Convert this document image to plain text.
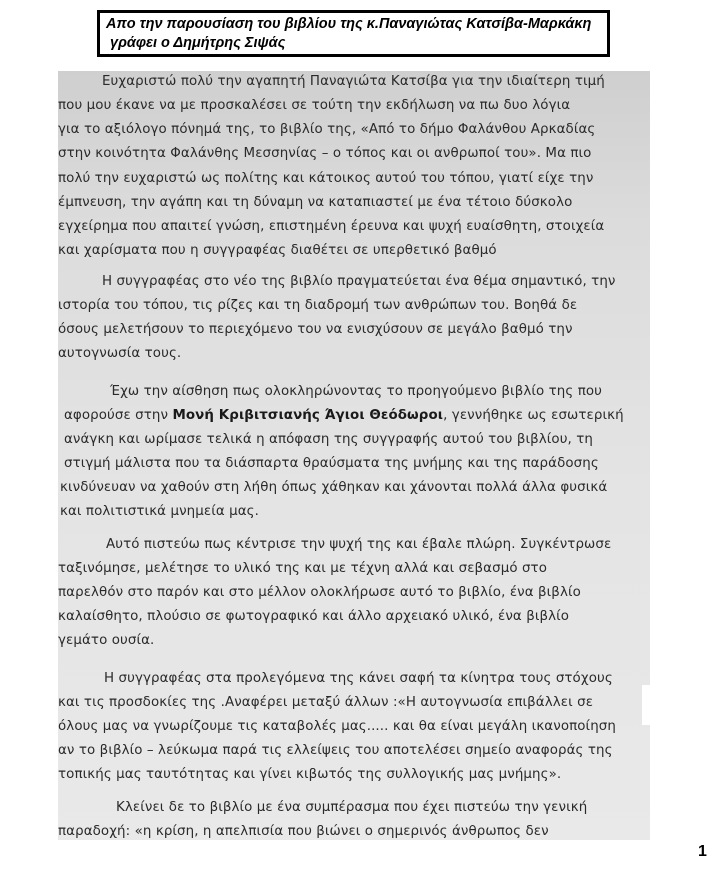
Απο την παρουσίαση του βιβλίου της κ.Παναγιώτας Κατσίβα-Μαρκάκη
γράφει ο Δημήτρης Σιψάς
Ευχαριστώ πολύ την αγαπητή Παναγιώτα Κατσίβα για την ιδιαίτερη τιμή
που μου έκανε να με προσκαλέσει σε τούτη την εκδήλωση να πω δυο λόγια
για το αξιόλογο πόνημά της, το βιβλίο της, «Από το δήμο Φαλάνθου Αρκαδίας
στην κοινότητα Φαλάνθης Μεσσηνίας – ο τόπος και οι ανθρωποί του». Μα πιο
πολύ την ευχαριστώ ως πολίτης και κάτοικος αυτού του τόπου, γιατί είχε την
έμπνευση, την αγάπη και τη δύναμη να καταπιαστεί με ένα τέτοιο δύσκολο
εγχείρημα που απαιτεί γνώση, επιστημένη έρευνα και ψυχή ευαίσθητη, στοιχεία
και χαρίσματα που η συγγραφέας διαθέτει σε υπερθετικό βαθμό
Η συγγραφέας στο νέο της βιβλίο πραγματεύεται ένα θέμα σημαντικό, την
ιστορία του τόπου, τις ρίζες και τη διαδρομή των ανθρώπων του. Βοηθά δε
όσους μελετήσουν το περιεχόμενο του να ενισχύσουν σε μεγάλο βαθμό την
αυτογνωσία τους.
Έχω την αίσθηση πως ολοκληρώνοντας το προηγούμενο βιβλίο της που
αφορούσε στην Μονή Κριβιτσιανής Άγιοι Θεόδωροι, γεννήθηκε ως εσωτερική
ανάγκη και ωρίμασε τελικά η απόφαση της συγγραφής αυτού του βιβλίου, τη
στιγμή μάλιστα που τα διάσπαρτα θραύσματα της μνήμης και της παράδοσης
κινδύνευαν να χαθούν στη λήθη όπως χάθηκαν και χάνονται πολλά άλλα φυσικά
και πολιτιστικά μνημεία μας.
Αυτό πιστεύω πως κέντρισε την ψυχή της και έβαλε πλώρη. Συγκέντρωσε
ταξινόμησε, μελέτησε το υλικό της και με τέχνη αλλά και σεβασμό στο
παρελθόν στο παρόν και στο μέλλον ολοκλήρωσε αυτό το βιβλίο, ένα βιβλίο
καλαίσθητο, πλούσιο σε φωτογραφικό και άλλο αρχειακό υλικό, ένα βιβλίο
γεμάτο ουσία.
Η συγγραφέας στα προλεγόμενα της κάνει σαφή τα κίνητρα τους στόχους
και τις προσδοκίες της .Αναφέρει μεταξύ άλλων :«Η αυτογνωσία επιβάλλει σε
όλους μας να γνωρίζουμε τις καταβολές μας..... και θα είναι μεγάλη ικανοποίηση
αν το βιβλίο – λεύκωμα παρά τις ελλείψεις του αποτελέσει σημείο αναφοράς της
τοπικής μας ταυτότητας και γίνει κιβωτός της συλλογικής μας μνήμης».
Κλείνει δε το βιβλίο με ένα συμπέρασμα που έχει πιστεύω την γενική
παραδοχή: «η κρίση, η απελπισία που βιώνει ο σημερινός άνθρωπος δεν
1
